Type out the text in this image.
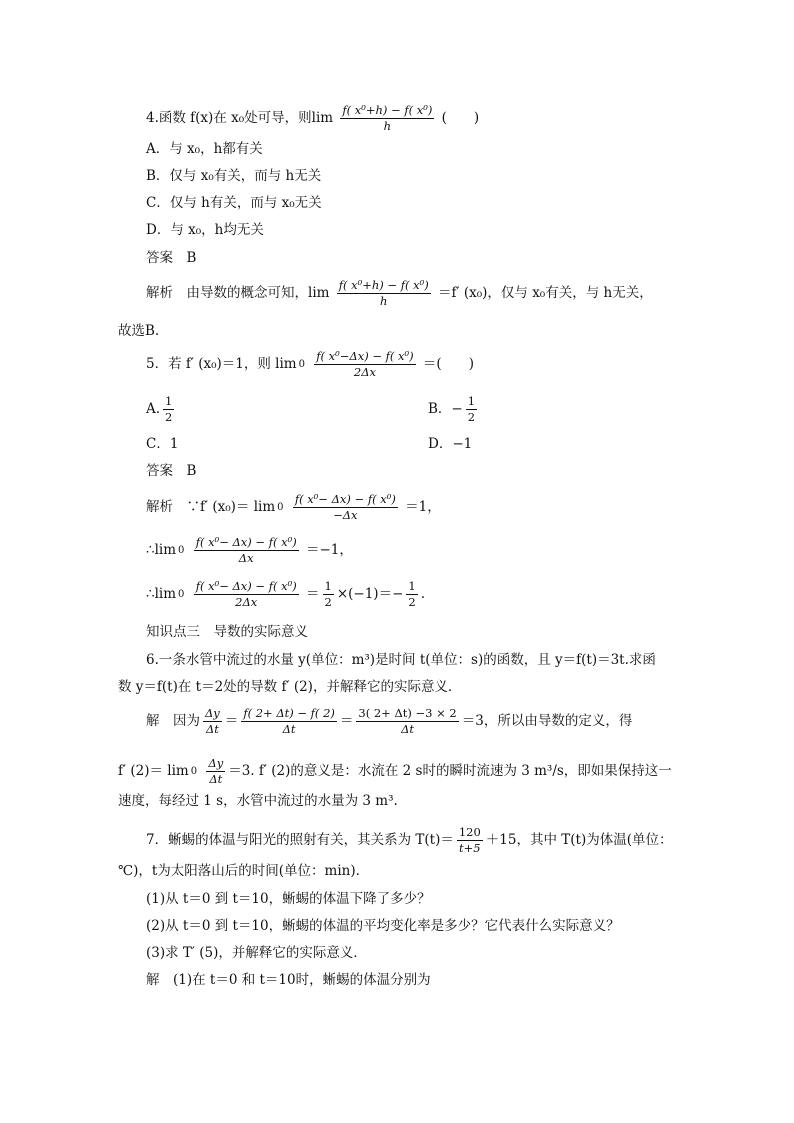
4.函数 f(x)在 x₀处可导，则$\lim \frac{\text{f( x⁰+h) − f( x⁰)}}{h}$ (　　)
A．与 x₀，h都有关
B．仅与 x₀有关，而与 h无关
C．仅与 h有关，而与 x₀无关
D．与 x₀，h均无关
答案　B
解析　由导数的概念可知，$\lim \frac{\text{f( x⁰+h) − f( x⁰)}}{h} =f'$ (x₀)，仅与 x₀有关，与 h无关，
故选B.
5．若 f′ (x₀)＝1，则 $\lim 0 \frac{\text{f( x⁰−Δx) − f( x⁰)}}{2\Delta x}$ ＝(　　)
A. $\frac{1}{2}$	B．− $\frac{1}{2}$
C．1	D．−1
答案　B
解析　∵f′ $(x_0)= \lim 0 \frac{\text{f( x⁰− Δx) − f( x⁰)}}{-\Delta x} =1$，
∴lim $0 \frac{\text{f( x⁰− Δx) − f( x⁰)}}{\Delta x} =-1$，
∴lim $0 \frac{\text{f( x⁰− Δx) − f( x⁰)}}{2\Delta x} = \frac{1}{2} \times(-1)=- \frac{1}{2}$ .
知识点三　导数的实际意义
6.一条水管中流过的水量 y(单位：m³)是时间 t(单位：s)的函数，且 y＝f(t)＝3t.求函
数 y＝f(t)在 t＝2处的导数 f′ (2)，并解释它的实际意义．
解　因为 $\frac{\Delta y}{\Delta t} = \frac{f( 2+ \Delta t) - f( 2)}{\Delta t} = \frac{3( 2+ \Delta t) -3 \times 2}{\Delta t} =3$，所以由导数的定义，得
f′ $(2)= \lim 0 \frac{\Delta y}{\Delta t} =3$. f′ (2)的意义是：水流在 2 s时的瞬时流速为 3 m³/s，即如果保持这一
速度，每经过 1 s，水管中流过的水量为 3 m³.
7．蜥蜴的体温与阳光的照射有关，其关系为 $T(t)= \frac{120}{t+5} +15$，其中 T(t)为体温(单位：
℃)，t为太阳落山后的时间(单位：min)．
(1)从 t＝0 到 t＝10，蜥蜴的体温下降了多少？
(2)从 t＝0 到 t＝10，蜥蜴的体温的平均变化率是多少？它代表什么实际意义？
(3)求 T′ (5)，并解释它的实际意义．
解　(1)在 t＝0 和 t＝10时，蜥蜴的体温分别为
